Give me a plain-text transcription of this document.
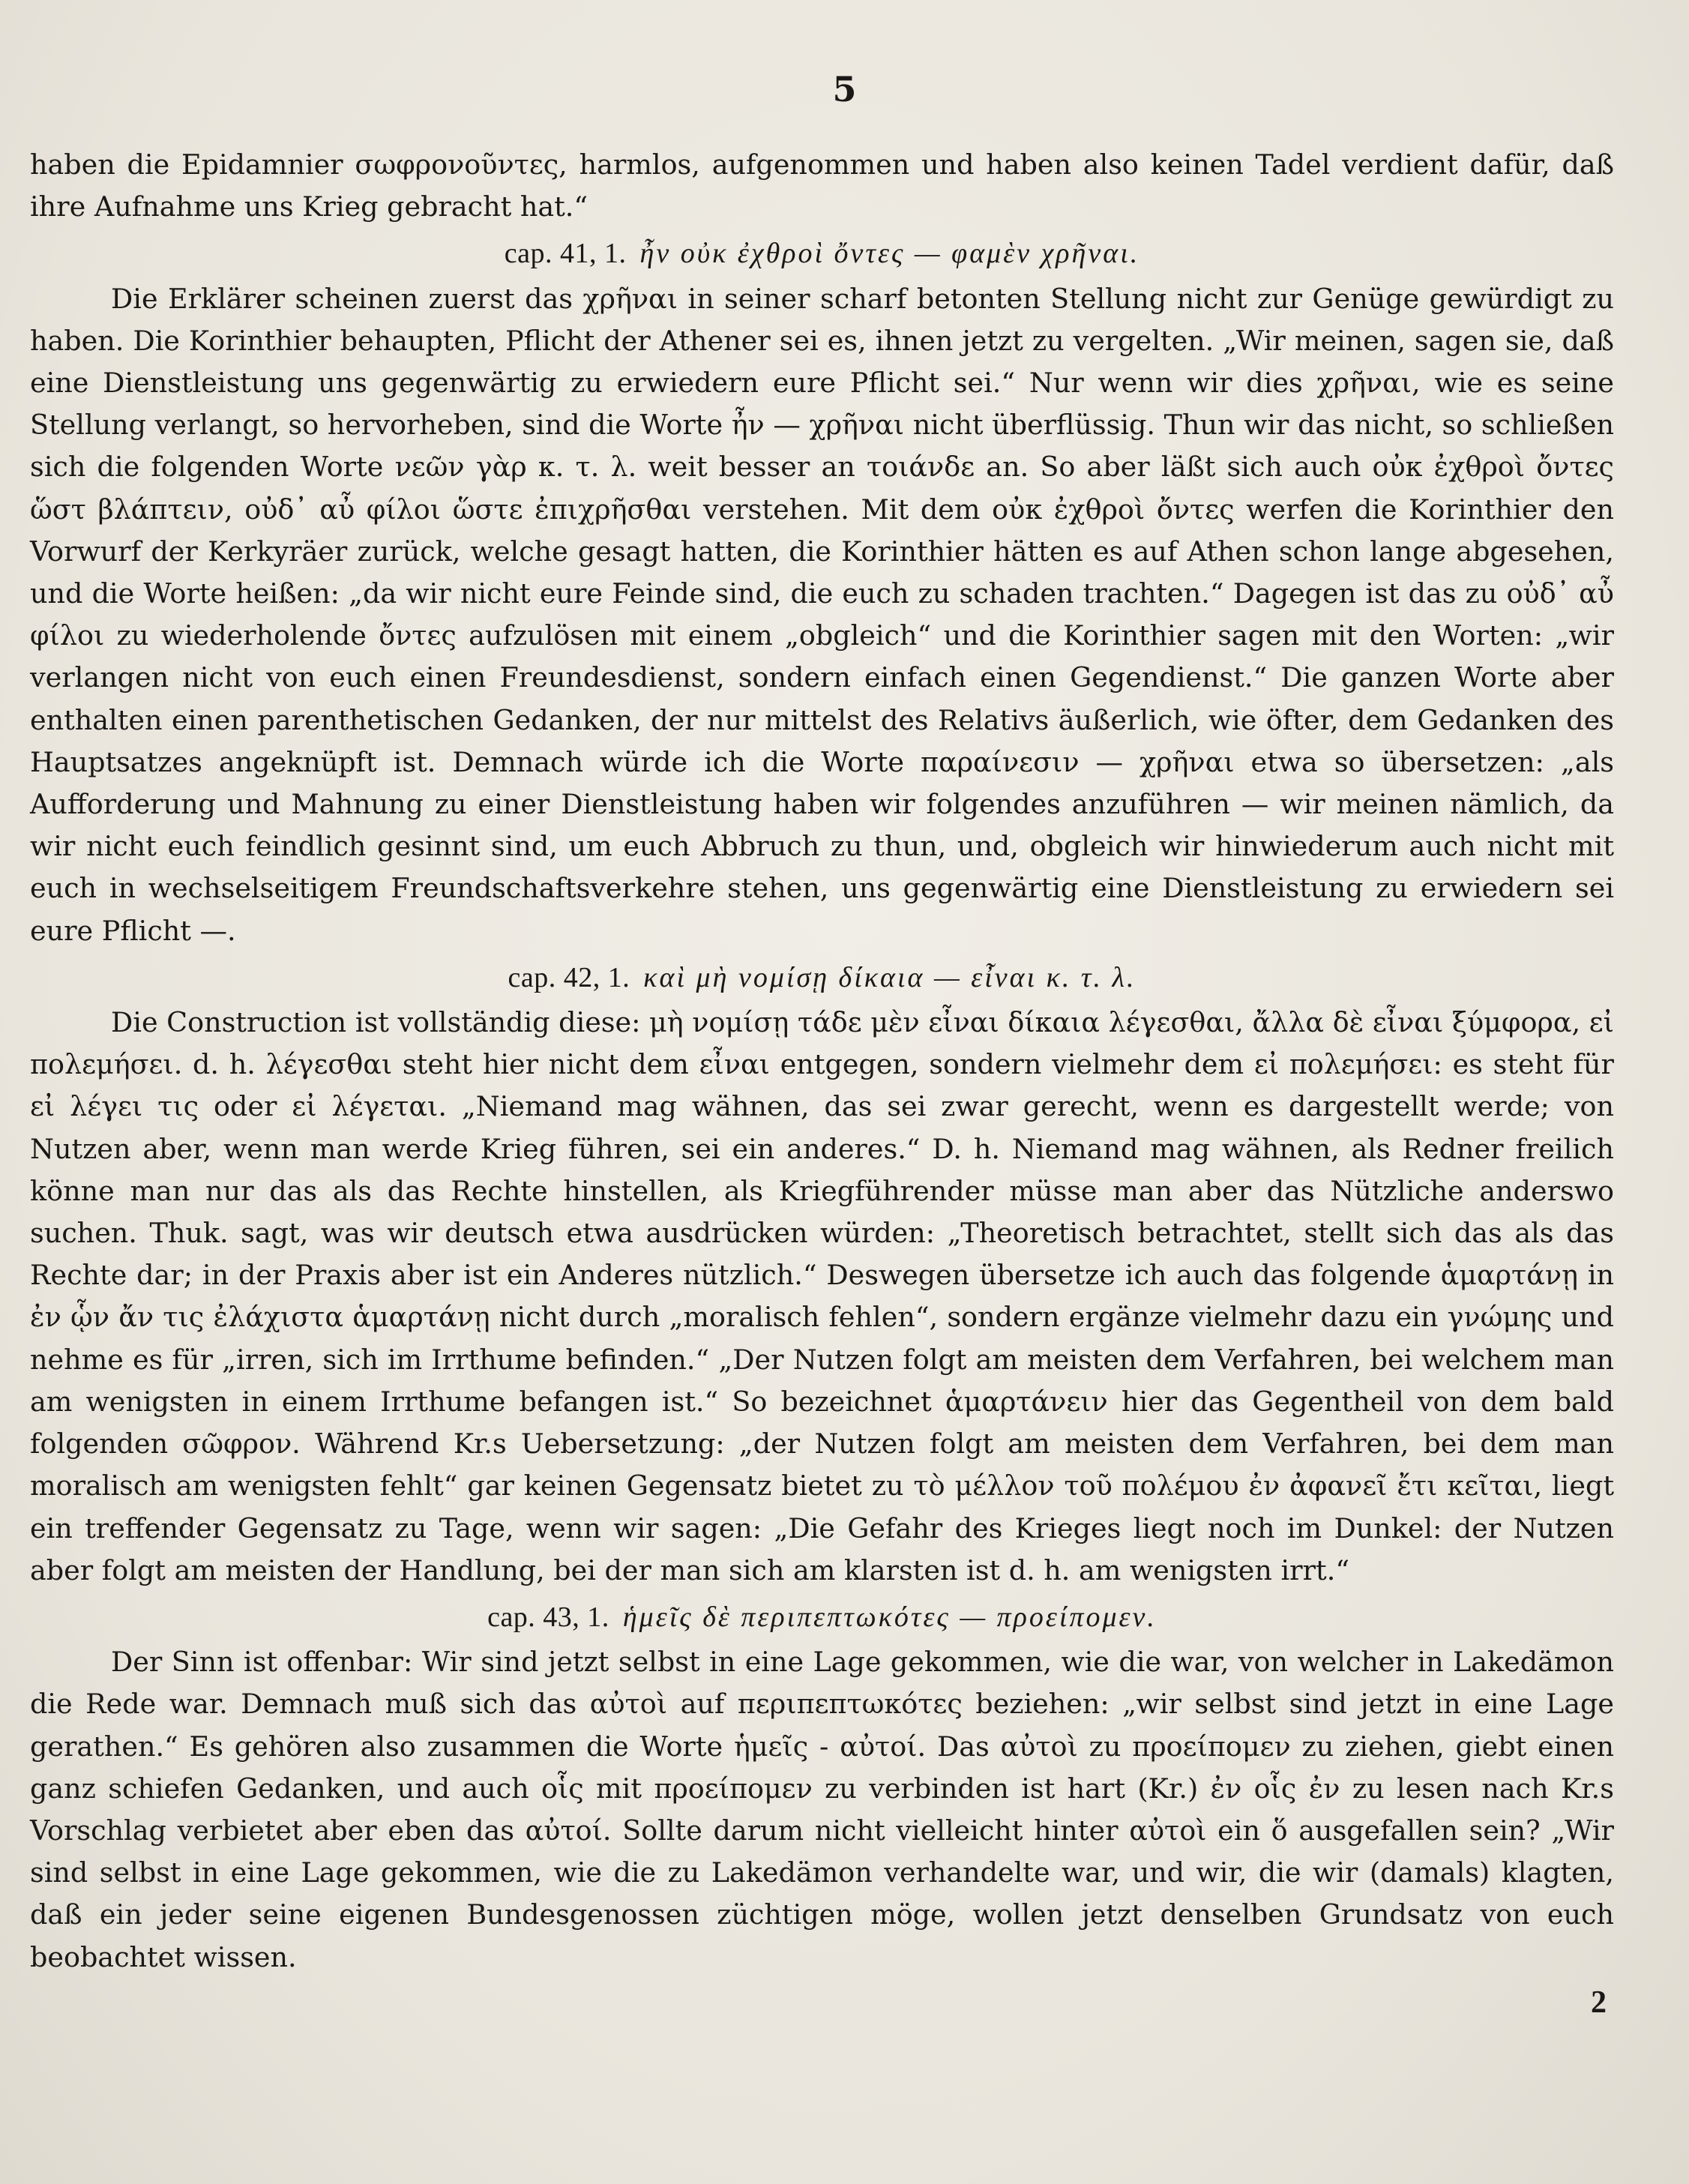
5

haben die Epidamnier σωφρονοῦντες, harmlos, aufgenommen und haben also keinen Tadel verdient dafür, daß ihre Aufnahme uns Krieg gebracht hat.“

cap. 41, 1. ἦν οὐκ ἐχθροὶ ὄντες — φαμὲν χρῆναι.

Die Erklärer scheinen zuerst das χρῆναι in seiner scharf betonten Stellung nicht zur Genüge gewürdigt zu haben. Die Korinthier behaupten, Pflicht der Athener sei es, ihnen jetzt zu vergelten. „Wir meinen, sagen sie, daß eine Dienstleistung uns gegenwärtig zu erwiedern eure Pflicht sei.“ Nur wenn wir dies χρῆναι, wie es seine Stellung verlangt, so hervorheben, sind die Worte ἦν — χρῆναι nicht überflüssig. Thun wir das nicht, so schließen sich die folgenden Worte νεῶν γὰρ κ. τ. λ. weit besser an τοιάνδε an. So aber läßt sich auch οὐκ ἐχθροὶ ὄντες ὥστ βλάπτειν, οὐδ᾽ αὖ φίλοι ὥστε ἐπιχρῆσθαι verstehen. Mit dem οὐκ ἐχθροὶ ὄντες werfen die Korinthier den Vorwurf der Kerkyräer zurück, welche gesagt hatten, die Korinthier hätten es auf Athen schon lange abgesehen, und die Worte heißen: „da wir nicht eure Feinde sind, die euch zu schaden trachten.“ Dagegen ist das zu οὐδ᾽ αὖ φίλοι zu wiederholende ὄντες aufzulösen mit einem „obgleich“ und die Korinthier sagen mit den Worten: „wir verlangen nicht von euch einen Freundesdienst, sondern einfach einen Gegendienst.“ Die ganzen Worte aber enthalten einen parenthetischen Gedanken, der nur mittelst des Relativs äußerlich, wie öfter, dem Gedanken des Hauptsatzes angeknüpft ist. Demnach würde ich die Worte παραίνεσιν — χρῆναι etwa so übersetzen: „als Aufforderung und Mahnung zu einer Dienstleistung haben wir folgendes anzuführen — wir meinen nämlich, da wir nicht euch feindlich gesinnt sind, um euch Abbruch zu thun, und, obgleich wir hinwiederum auch nicht mit euch in wechselseitigem Freundschaftsverkehre stehen, uns gegenwärtig eine Dienstleistung zu erwiedern sei eure Pflicht —.

cap. 42, 1. καὶ μὴ νομίσῃ δίκαια — εἶναι κ. τ. λ.

Die Construction ist vollständig diese: μὴ νομίσῃ τάδε μὲν εἶναι δίκαια λέγεσθαι, ἄλλα δὲ εἶναι ξύμφορα, εἰ πολεμήσει. d. h. λέγεσθαι steht hier nicht dem εἶναι entgegen, sondern vielmehr dem εἰ πολεμήσει: es steht für εἰ λέγει τις oder εἰ λέγεται. „Niemand mag wähnen, das sei zwar gerecht, wenn es dargestellt werde; von Nutzen aber, wenn man werde Krieg führen, sei ein anderes.“ D. h. Niemand mag wähnen, als Redner freilich könne man nur das als das Rechte hinstellen, als Kriegführender müsse man aber das Nützliche anderswo suchen. Thuk. sagt, was wir deutsch etwa ausdrücken würden: „Theoretisch betrachtet, stellt sich das als das Rechte dar; in der Praxis aber ist ein Anderes nützlich.“ Deswegen übersetze ich auch das folgende ἁμαρτάνῃ in ἐν ᾧν ἄν τις ἐλάχιστα ἁμαρτάνῃ nicht durch „moralisch fehlen“, sondern ergänze vielmehr dazu ein γνώμης und nehme es für „irren, sich im Irrthume befinden.“ „Der Nutzen folgt am meisten dem Verfahren, bei welchem man am wenigsten in einem Irrthume befangen ist.“ So bezeichnet ἁμαρτάνειν hier das Gegentheil von dem bald folgenden σῶφρον. Während Kr.s Uebersetzung: „der Nutzen folgt am meisten dem Verfahren, bei dem man moralisch am wenigsten fehlt“ gar keinen Gegensatz bietet zu τὸ μέλλον τοῦ πολέμου ἐν ἀφανεῖ ἔτι κεῖται, liegt ein treffender Gegensatz zu Tage, wenn wir sagen: „Die Gefahr des Krieges liegt noch im Dunkel: der Nutzen aber folgt am meisten der Handlung, bei der man sich am klarsten ist d. h. am wenigsten irrt.“

cap. 43, 1. ἡμεῖς δὲ περιπεπτωκότες — προείπομεν.

Der Sinn ist offenbar: Wir sind jetzt selbst in eine Lage gekommen, wie die war, von welcher in Lakedämon die Rede war. Demnach muß sich das αὐτοὶ auf περιπεπτωκότες beziehen: „wir selbst sind jetzt in eine Lage gerathen.“ Es gehören also zusammen die Worte ἡμεῖς - αὐτοί. Das αὐτοὶ zu προείπομεν zu ziehen, giebt einen ganz schiefen Gedanken, und auch οἷς mit προείπομεν zu verbinden ist hart (Kr.) ἐν οἷς ἐν zu lesen nach Kr.s Vorschlag verbietet aber eben das αὐτοί. Sollte darum nicht vielleicht hinter αὐτοὶ ein ὅ ausgefallen sein? „Wir sind selbst in eine Lage gekommen, wie die zu Lakedämon verhandelte war, und wir, die wir (damals) klagten, daß ein jeder seine eigenen Bundesgenossen züchtigen möge, wollen jetzt denselben Grundsatz von euch beobachtet wissen.

2
